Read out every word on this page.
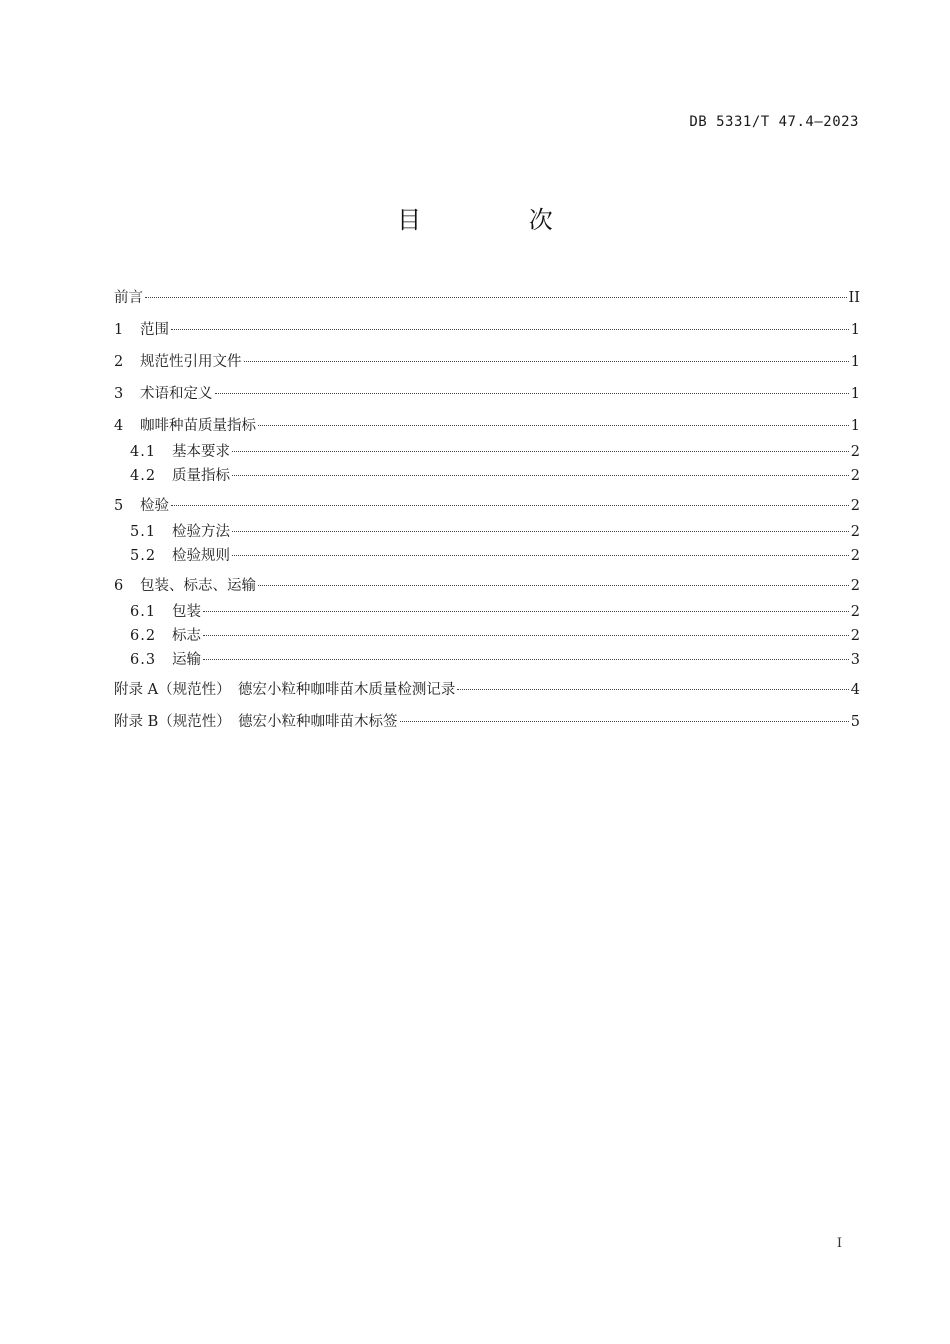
DB 5331/T 47.4—2023
目 次
前言	II
1	范围	1
2	规范性引用文件	1
3	术语和定义	1
4	咖啡种苗质量指标	1
4.1	基本要求	2
4.2	质量指标	2
5	检验	2
5.1	检验方法	2
5.2	检验规则	2
6	包装、标志、运输	2
6.1	包装	2
6.2	标志	2
6.3	运输	3
附录 A（规范性）　德宏小粒种咖啡苗木质量检测记录	4
附录 B（规范性）　德宏小粒种咖啡苗木标签	5
I
